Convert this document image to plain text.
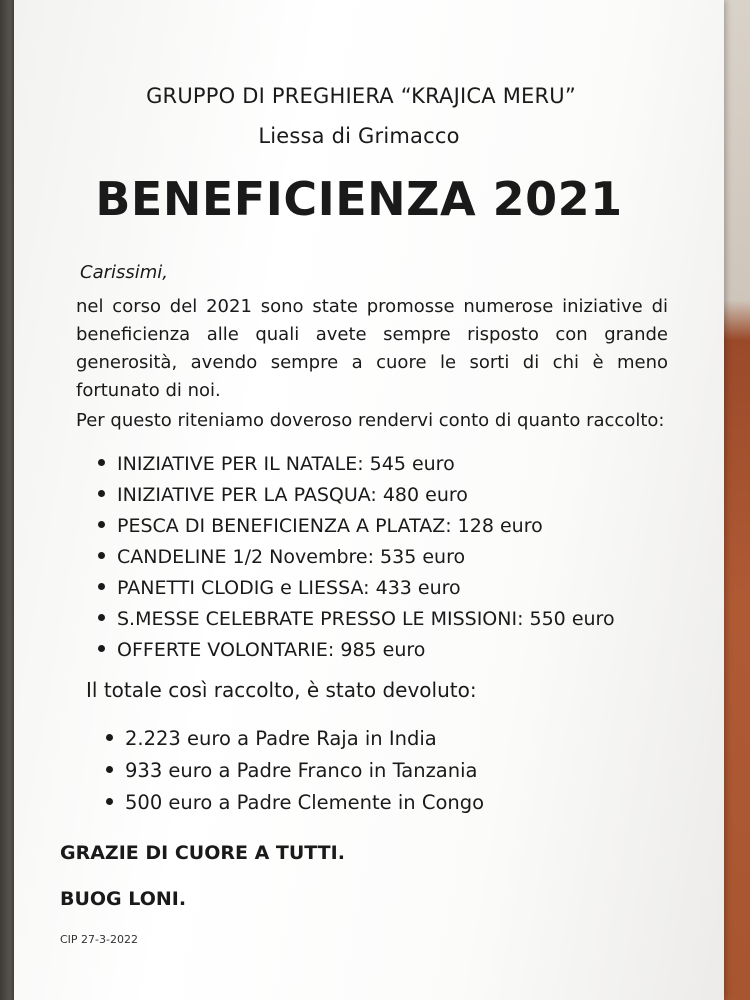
GRUPPO DI PREGHIERA “KRAJICA MERU”
Liessa di Grimacco
BENEFICIENZA 2021
Carissimi,
nel corso del 2021 sono state promosse numerose iniziative di
beneficienza alle quali avete sempre risposto con grande
generosità, avendo sempre a cuore le sorti di chi è meno
fortunato di noi.
Per questo riteniamo doveroso rendervi conto di quanto raccolto:
INIZIATIVE PER IL NATALE: 545 euro
INIZIATIVE PER LA PASQUA: 480 euro
PESCA DI BENEFICIENZA A PLATAZ: 128 euro
CANDELINE 1/2 Novembre: 535 euro
PANETTI CLODIG e LIESSA: 433 euro
S.MESSE CELEBRATE PRESSO LE MISSIONI: 550 euro
OFFERTE VOLONTARIE: 985 euro
Il totale così raccolto, è stato devoluto:
2.223 euro a Padre Raja in India
933 euro a Padre Franco in Tanzania
500 euro a Padre Clemente in Congo
GRAZIE DI CUORE A TUTTI.
BUOG LONI.
CIP 27-3-2022
